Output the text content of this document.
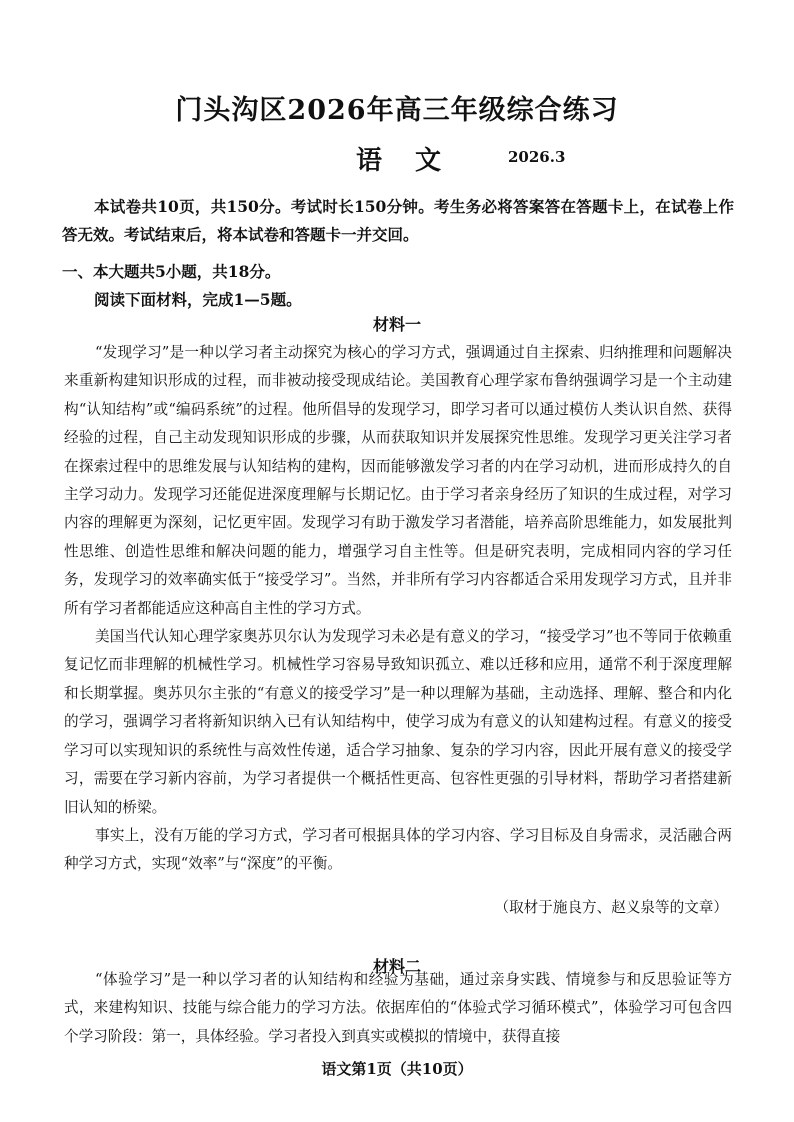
门头沟区2026年高三年级综合练习
语 文	2026.3

本试卷共10页，共150分。考试时长150分钟。考生务必将答案答在答题卡上，在试卷上作答无效。考试结束后，将本试卷和答题卡一并交回。

一、本大题共5小题，共18分。
阅读下面材料，完成1—5题。
材料一

“发现学习”是一种以学习者主动探究为核心的学习方式，强调通过自主探索、归纳推理和问题解决来重新构建知识形成的过程，而非被动接受现成结论。美国教育心理学家布鲁纳强调学习是一个主动建构“认知结构”或“编码系统”的过程。他所倡导的发现学习，即学习者可以通过模仿人类认识自然、获得经验的过程，自己主动发现知识形成的步骤，从而获取知识并发展探究性思维。发现学习更关注学习者在探索过程中的思维发展与认知结构的建构，因而能够激发学习者的内在学习动机，进而形成持久的自主学习动力。发现学习还能促进深度理解与长期记忆。由于学习者亲身经历了知识的生成过程，对学习内容的理解更为深刻，记忆更牢固。发现学习有助于激发学习者潜能，培养高阶思维能力，如发展批判性思维、创造性思维和解决问题的能力，增强学习自主性等。但是研究表明，完成相同内容的学习任务，发现学习的效率确实低于“接受学习”。当然，并非所有学习内容都适合采用发现学习方式，且并非所有学习者都能适应这种高自主性的学习方式。

美国当代认知心理学家奥苏贝尔认为发现学习未必是有意义的学习，“接受学习”也不等同于依赖重复记忆而非理解的机械性学习。机械性学习容易导致知识孤立、难以迁移和应用，通常不利于深度理解和长期掌握。奥苏贝尔主张的“有意义的接受学习”是一种以理解为基础，主动选择、理解、整合和内化的学习，强调学习者将新知识纳入已有认知结构中，使学习成为有意义的认知建构过程。有意义的接受学习可以实现知识的系统性与高效性传递，适合学习抽象、复杂的学习内容，因此开展有意义的接受学习，需要在学习新内容前，为学习者提供一个概括性更高、包容性更强的引导材料，帮助学习者搭建新旧认知的桥梁。

事实上，没有万能的学习方式，学习者可根据具体的学习内容、学习目标及自身需求，灵活融合两种学习方式，实现“效率”与“深度”的平衡。

（取材于施良方、赵义泉等的文章）
材料二

“体验学习”是一种以学习者的认知结构和经验为基础，通过亲身实践、情境参与和反思验证等方式，来建构知识、技能与综合能力的学习方法。依据库伯的“体验式学习循环模式”，体验学习可包含四个学习阶段：第一，具体经验。学习者投入到真实或模拟的情境中，获得直接

语文第1页（共10页）
